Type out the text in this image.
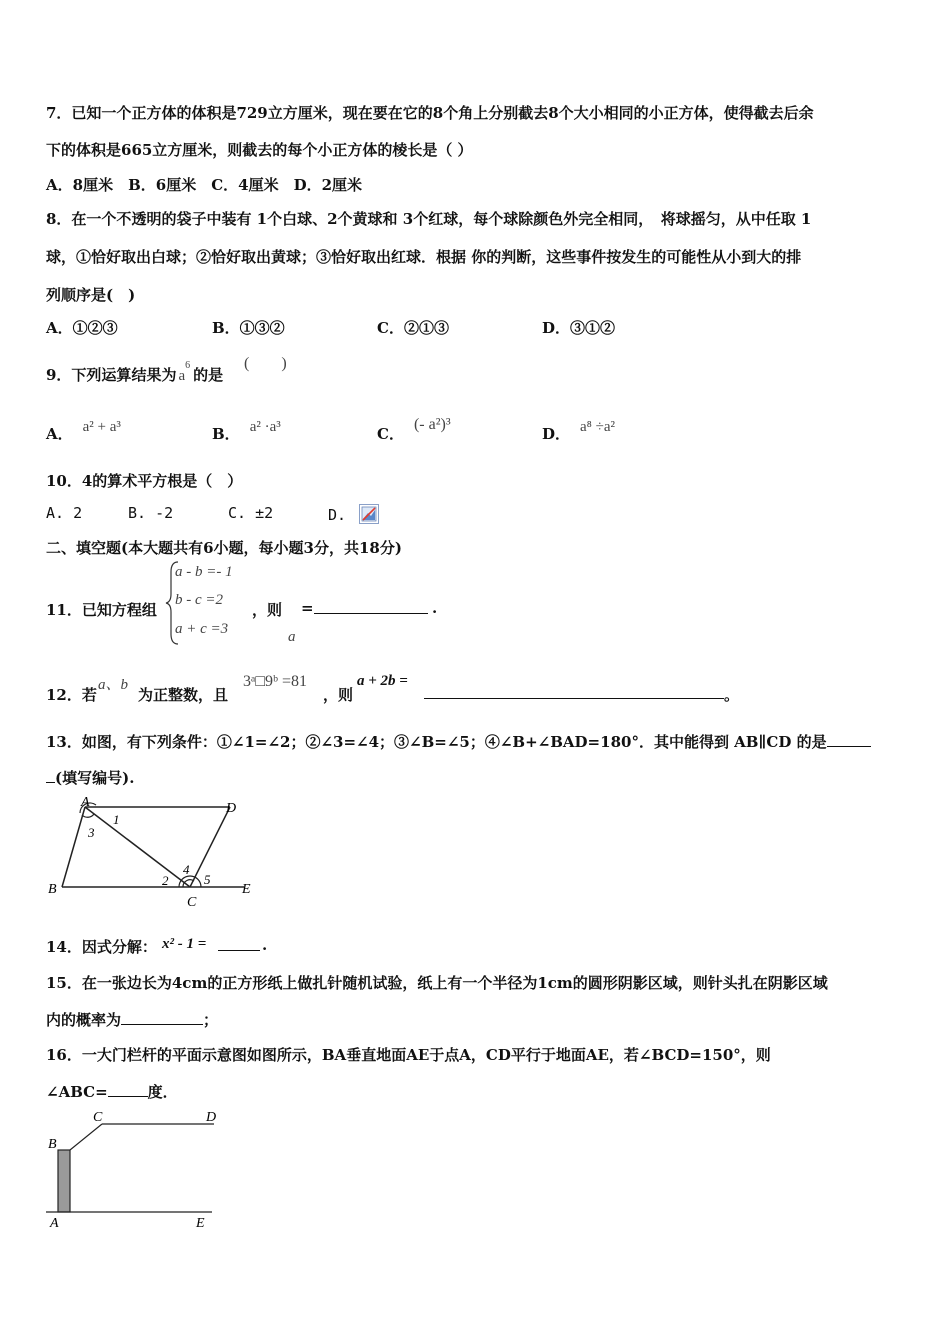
7．已知一个正方体的体积是729立方厘米，现在要在它的8个角上分别截去8个大小相同的小正方体，使得截去后余
下的体积是665立方厘米，则截去的每个小正方体的棱长是（ ）
A．8厘米　B．6厘米　C．4厘米　D．2厘米
8．在一个不透明的袋子中装有 1个白球、2个黄球和 3个红球，每个球除颜色外完全相同，　将球摇匀，从中任取 1
球，①恰好取出白球；②恰好取出黄球；③恰好取出红球．根据 你的判断，这些事件按发生的可能性从小到大的排
列顺序是(　)
A．①②③	B．①③②	C．②①③	D．③①②
9．下列运算结果为 $a^6$的是
(　　)
A． a² + a³	B． a² ·a³	C．(- a²)³
D． a⁸ ÷a²
10．4的算术平方根是（　）
A. 2	B. -2	C. ±2	D.
二、填空题(本大题共有6小题，每小题3分，共18分)
11．已知方程组
a - b =- 1
b - c =2
a + c =3
，则 =	.
a
12．若
a、b
为正整数，且
3ᵃ□9ᵇ =81
，则
a + 2b =
。
13．如图，有下列条件：①∠1=∠2；②∠3=∠4；③∠B=∠5；④∠B+∠BAD=180°．其中能得到 AB∥CD 的是
(填写编号).
A	D
B
C
E
1
3
2
4
5
14．因式分解： x² - 1 =	.
15．在一张边长为4cm的正方形纸上做扎针随机试验，纸上有一个半径为1cm的圆形阴影区域，则针头扎在阴影区域
内的概率为	；
16．一大门栏杆的平面示意图如图所示，BA垂直地面AE于点A，CD平行于地面AE，若∠BCD=150°，则
∠ABC=	度．
B
C	D
A	E
